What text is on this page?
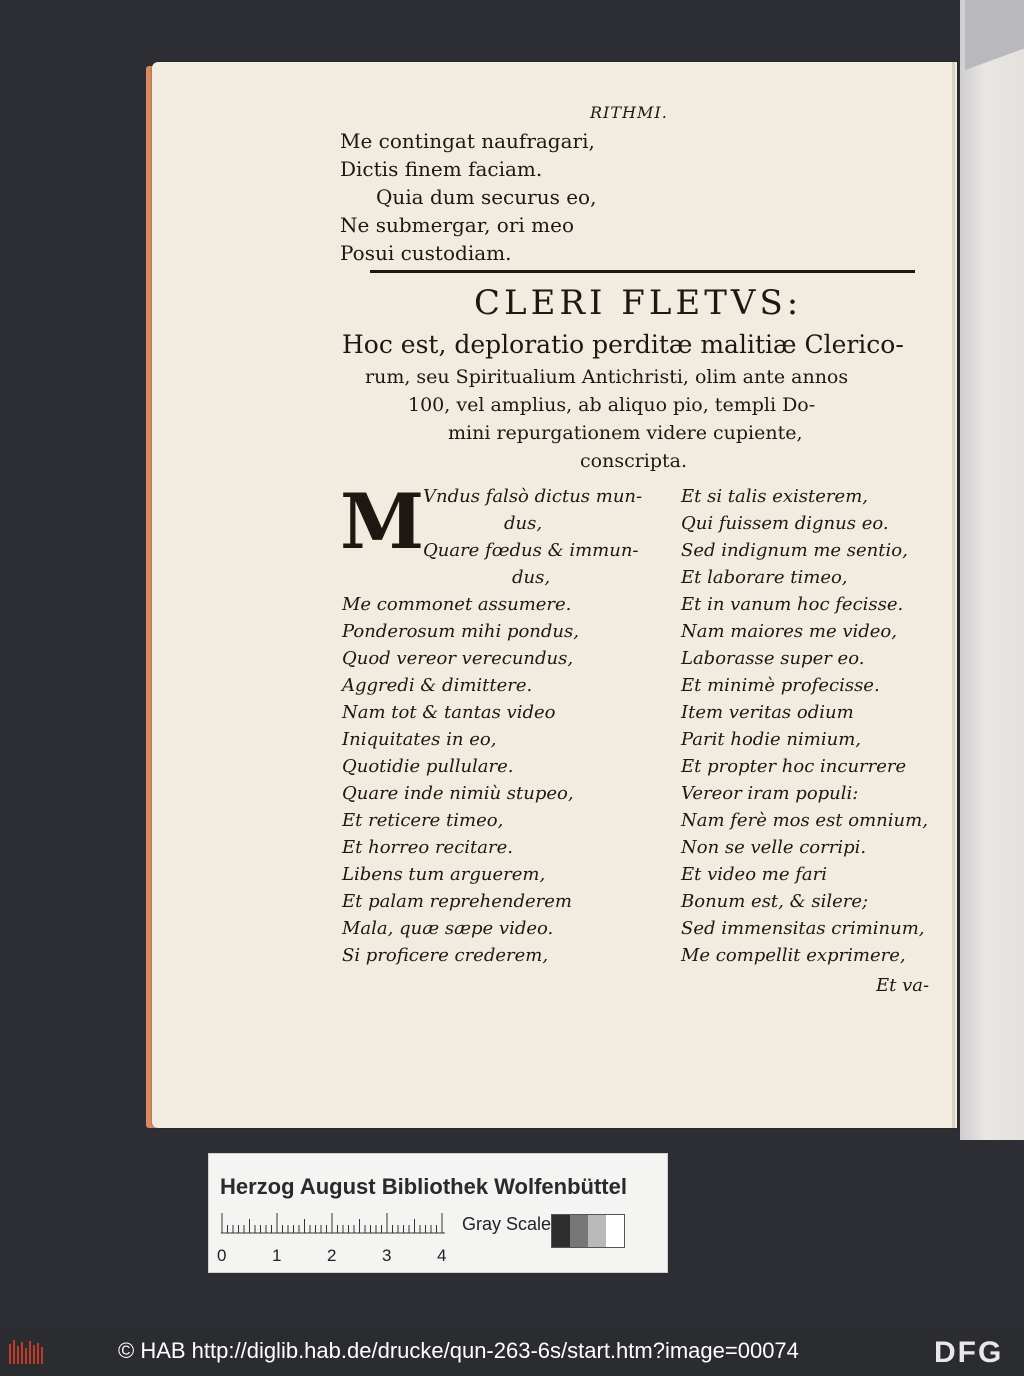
RITHMI.
Me contingat naufragari,
Dictis finem faciam.
Quia dum securus eo,
Ne submergar, ori meo
Posui custodiam.
CLERI FLETVS:
Hoc est, deploratio perditæ malitiæ Clerico-
rum, seu Spiritualium Antichristi, olim ante annos
100, vel amplius, ab aliquo pio, templi Do-
mini repurgationem videre cupiente,
conscripta.
M
Vndus falsò dictus mun-
dus,
Quare fœdus & immun-
dus,
Me commonet assumere.
Ponderosum mihi pondus,
Quod vereor verecundus,
Aggredi & dimittere.
Nam tot & tantas video
Iniquitates in eo,
Quotidie pullulare.
Quare inde nimiù stupeo,
Et reticere timeo,
Et horreo recitare.
Libens tum arguerem,
Et palam reprehenderem
Mala, quæ sæpe video.
Si proficere crederem,
Et si talis existerem,
Qui fuissem dignus eo.
Sed indignum me sentio,
Et laborare timeo,
Et in vanum hoc fecisse.
Nam maiores me video,
Laborasse super eo.
Et minimè profecisse.
Item veritas odium
Parit hodie nimium,
Et propter hoc incurrere
Vereor iram populi:
Nam ferè mos est omnium,
Non se velle corripi.
Et video me fari
Bonum est, & silere;
Sed immensitas criminum,
Me compellit exprimere,
Et va-
Herzog August Bibliothek Wolfenbüttel
0	1	2	3	4
Gray Scale
© HAB http://diglib.hab.de/drucke/qun-263-6s/start.htm?image=00074	DFG
